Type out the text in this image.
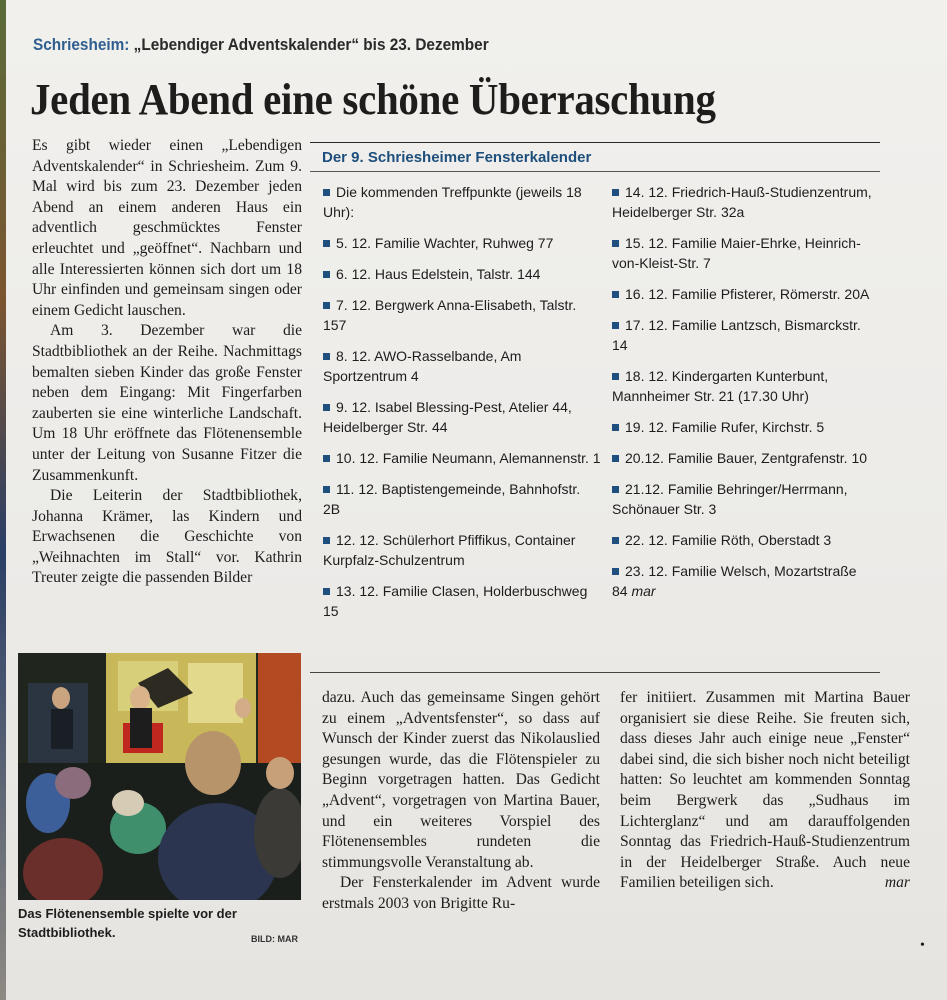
Schriesheim: „Lebendiger Adventskalender“ bis 23. Dezember
Jeden Abend eine schöne Überraschung

Es gibt wieder einen „Lebendigen Adventskalender“ in Schriesheim. Zum 9. Mal wird bis zum 23. Dezember jeden Abend an einem anderen Haus ein adventlich geschmücktes Fenster erleuchtet und „geöffnet“. Nachbarn und alle Interessierten können sich dort um 18 Uhr einfinden und gemeinsam singen oder einem Gedicht lauschen.

Am 3. Dezember war die Stadtbibliothek an der Reihe. Nachmittags bemalten sieben Kinder das große Fenster neben dem Eingang: Mit Fingerfarben zauberten sie eine winterliche Landschaft. Um 18 Uhr eröffnete das Flötenensemble unter der Leitung von Susanne Fitzer die Zusammenkunft.

Die Leiterin der Stadtbibliothek, Johanna Krämer, las Kindern und Erwachsenen die Geschichte von „Weihnachten im Stall“ vor. Kathrin Treuter zeigte die passenden Bilder

Der 9. Schriesheimer Fensterkalender
Die kommenden Treffpunkte (jeweils 18 Uhr):
5. 12. Familie Wachter, Ruhweg 77
6. 12. Haus Edelstein, Talstr. 144
7. 12. Bergwerk Anna-Elisabeth, Talstr. 157
8. 12. AWO-Rasselbande, Am Sportzentrum 4
9. 12. Isabel Blessing-Pest, Atelier 44, Heidelberger Str. 44
10. 12. Familie Neumann, Alemannenstr. 1
11. 12. Baptistengemeinde, Bahnhofstr. 2B
12. 12. Schülerhort Pfiffikus, Container Kurpfalz-Schulzentrum
13. 12. Familie Clasen, Holderbuschweg 15
14. 12. Friedrich-Hauß-Studienzentrum, Heidelberger Str. 32a
15. 12. Familie Maier-Ehrke, Heinrich-von-Kleist-Str. 7
16. 12. Familie Pfisterer, Römerstr. 20A
17. 12. Familie Lantzsch, Bismarckstr. 14
18. 12. Kindergarten Kunterbunt, Mannheimer Str. 21 (17.30 Uhr)
19. 12. Familie Rufer, Kirchstr. 5
20.12. Familie Bauer, Zentgrafenstr. 10
21.12. Familie Behringer/Herrmann, Schönauer Str. 3
22. 12. Familie Röth, Oberstadt 3
23. 12. Familie Welsch, Mozartstraße 84 mar
Das Flötenensemble spielte vor der Stadtbibliothek.	BILD: MAR

dazu. Auch das gemeinsame Singen gehört zu einem „Adventsfenster“, so dass auf Wunsch der Kinder zuerst das Nikolauslied gesungen wurde, das die Flötenspieler zu Beginn vorgetragen hatten. Das Gedicht „Advent“, vorgetragen von Martina Bauer, und ein weiteres Vorspiel des Flötenensembles rundeten die stimmungsvolle Veranstaltung ab.

Der Fensterkalender im Advent wurde erstmals 2003 von Brigitte Ru-

fer initiiert. Zusammen mit Martina Bauer organisiert sie diese Reihe. Sie freuten sich, dass dieses Jahr auch einige neue „Fenster“ dabei sind, die sich bisher noch nicht beteiligt hatten: So leuchtet am kommenden Sonntag beim Bergwerk das „Sudhaus im Lichterglanz“ und am darauffolgenden Sonntag das Friedrich-Hauß-Studienzentrum in der Heidelberger Straße. Auch neue Familien beteiligen sich.	mar

•
